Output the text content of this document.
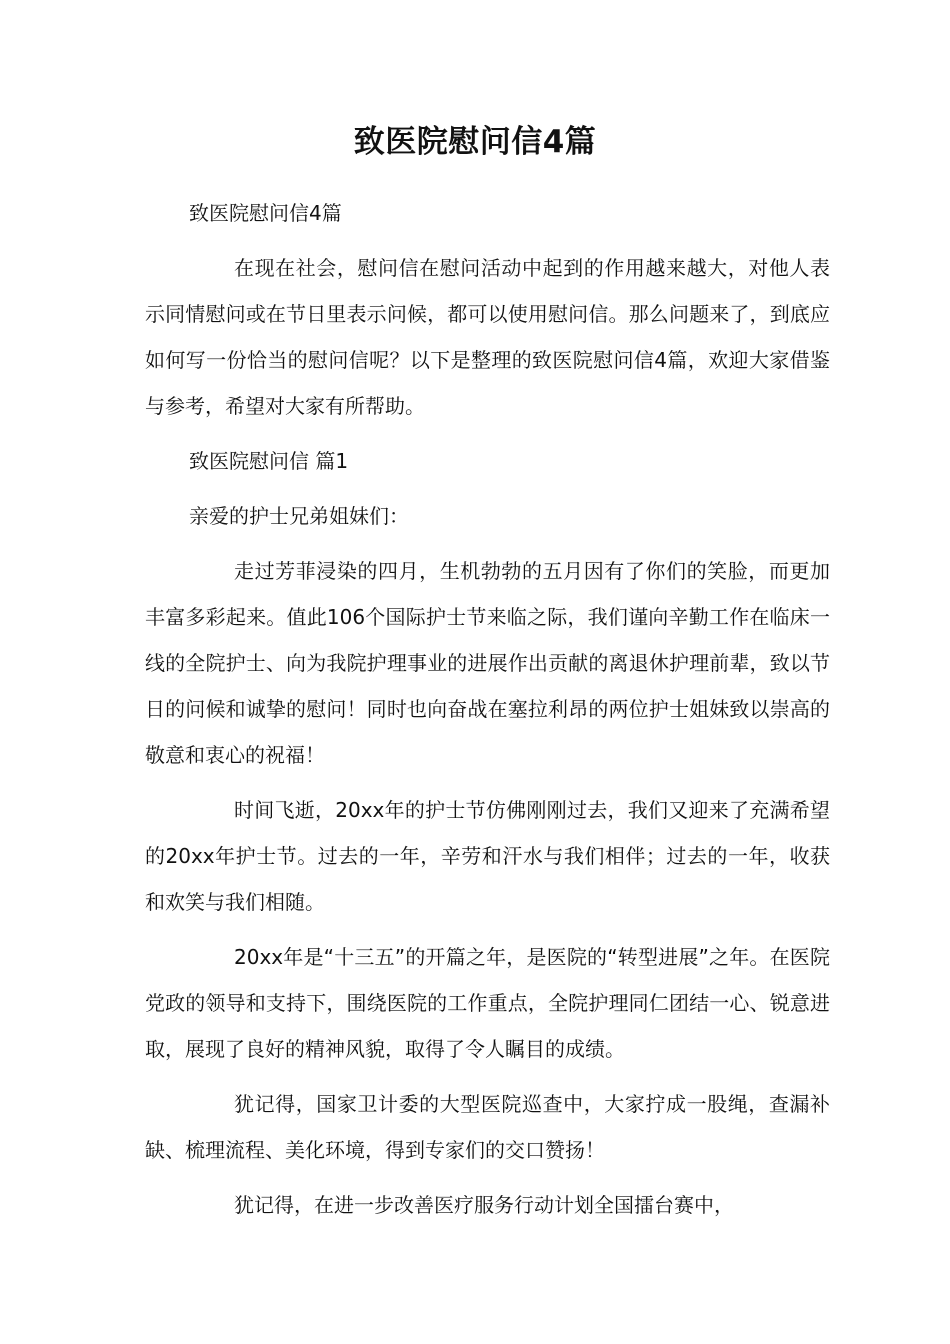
致医院慰问信4篇

致医院慰问信4篇

在现在社会，慰问信在慰问活动中起到的作用越来越大，对他人表示同情慰问或在节日里表示问候，都可以使用慰问信。那么问题来了，到底应如何写一份恰当的慰问信呢？以下是整理的致医院慰问信4篇，欢迎大家借鉴与参考，希望对大家有所帮助。

致医院慰问信 篇1

亲爱的护士兄弟姐妹们：

走过芳菲浸染的四月，生机勃勃的五月因有了你们的笑脸，而更加丰富多彩起来。值此106个国际护士节来临之际，我们谨向辛勤工作在临床一线的全院护士、向为我院护理事业的进展作出贡献的离退休护理前辈，致以节日的问候和诚挚的慰问！同时也向奋战在塞拉利昂的两位护士姐妹致以崇高的敬意和衷心的祝福！

时间飞逝，20xx年的护士节仿佛刚刚过去，我们又迎来了充满希望的20xx年护士节。过去的一年，辛劳和汗水与我们相伴；过去的一年，收获和欢笑与我们相随。

20xx年是“十三五”的开篇之年，是医院的“转型进展”之年。在医院党政的领导和支持下，围绕医院的工作重点，全院护理同仁团结一心、锐意进取，展现了良好的精神风貌，取得了令人瞩目的成绩。

犹记得，国家卫计委的大型医院巡查中，大家拧成一股绳，查漏补缺、梳理流程、美化环境，得到专家们的交口赞扬！

犹记得，在进一步改善医疗服务行动计划全国擂台赛中，
